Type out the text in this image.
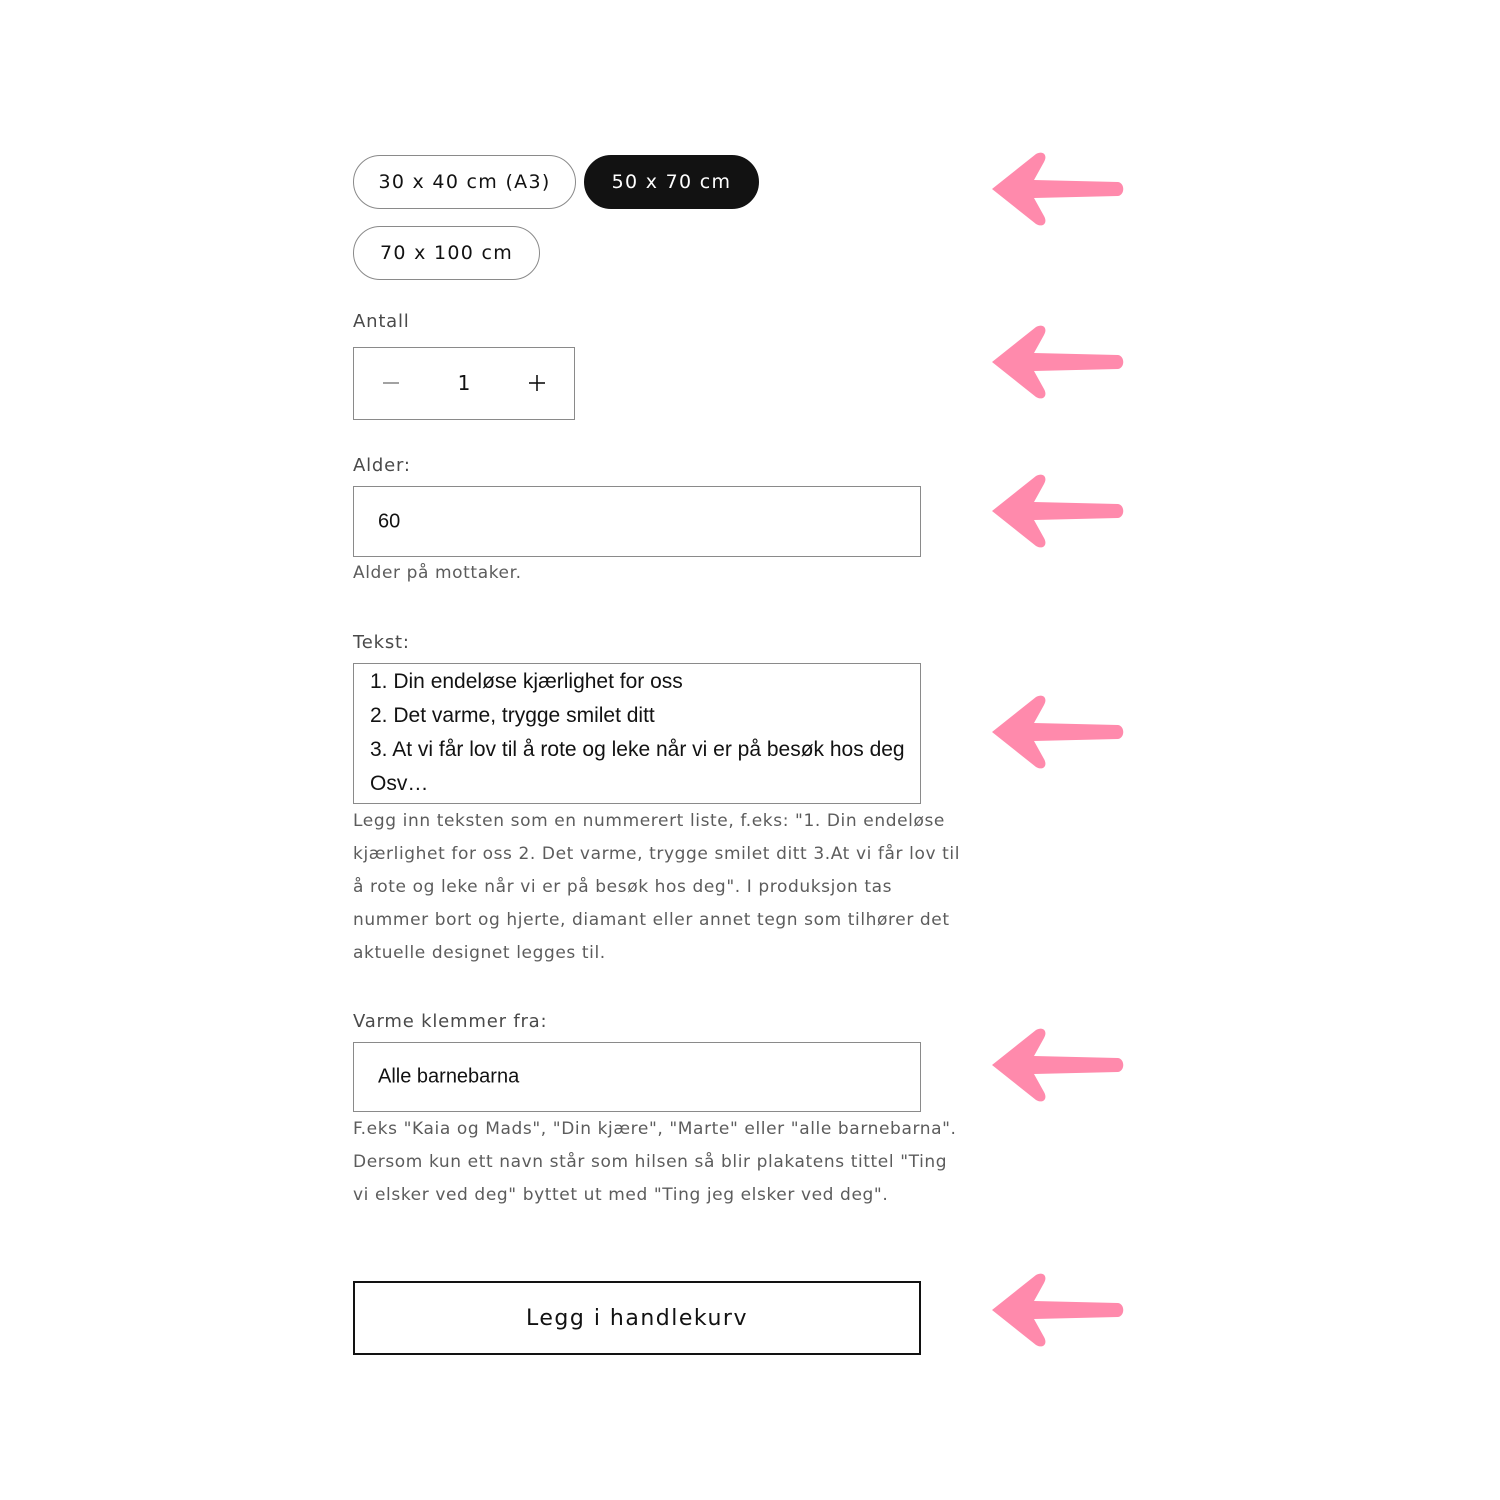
30 x 40 cm (A3)	50 x 70 cm
70 x 100 cm
Antall
1
Alder:
60
Alder på mottaker.
Tekst:
1. Din endeløse kjærlighet for oss
2. Det varme, trygge smilet ditt
3. At vi får lov til å rote og leke når vi er på besøk hos deg
Osv…
Legg inn teksten som en nummerert liste, f.eks: "1. Din endeløse
kjærlighet for oss 2. Det varme, trygge smilet ditt 3.At vi får lov til
å rote og leke når vi er på besøk hos deg". I produksjon tas
nummer bort og hjerte, diamant eller annet tegn som tilhører det
aktuelle designet legges til.
Varme klemmer fra:
Alle barnebarna
F.eks "Kaia og Mads", "Din kjære", "Marte" eller "alle barnebarna".
Dersom kun ett navn står som hilsen så blir plakatens tittel "Ting
vi elsker ved deg" byttet ut med "Ting jeg elsker ved deg".
Legg i handlekurv
